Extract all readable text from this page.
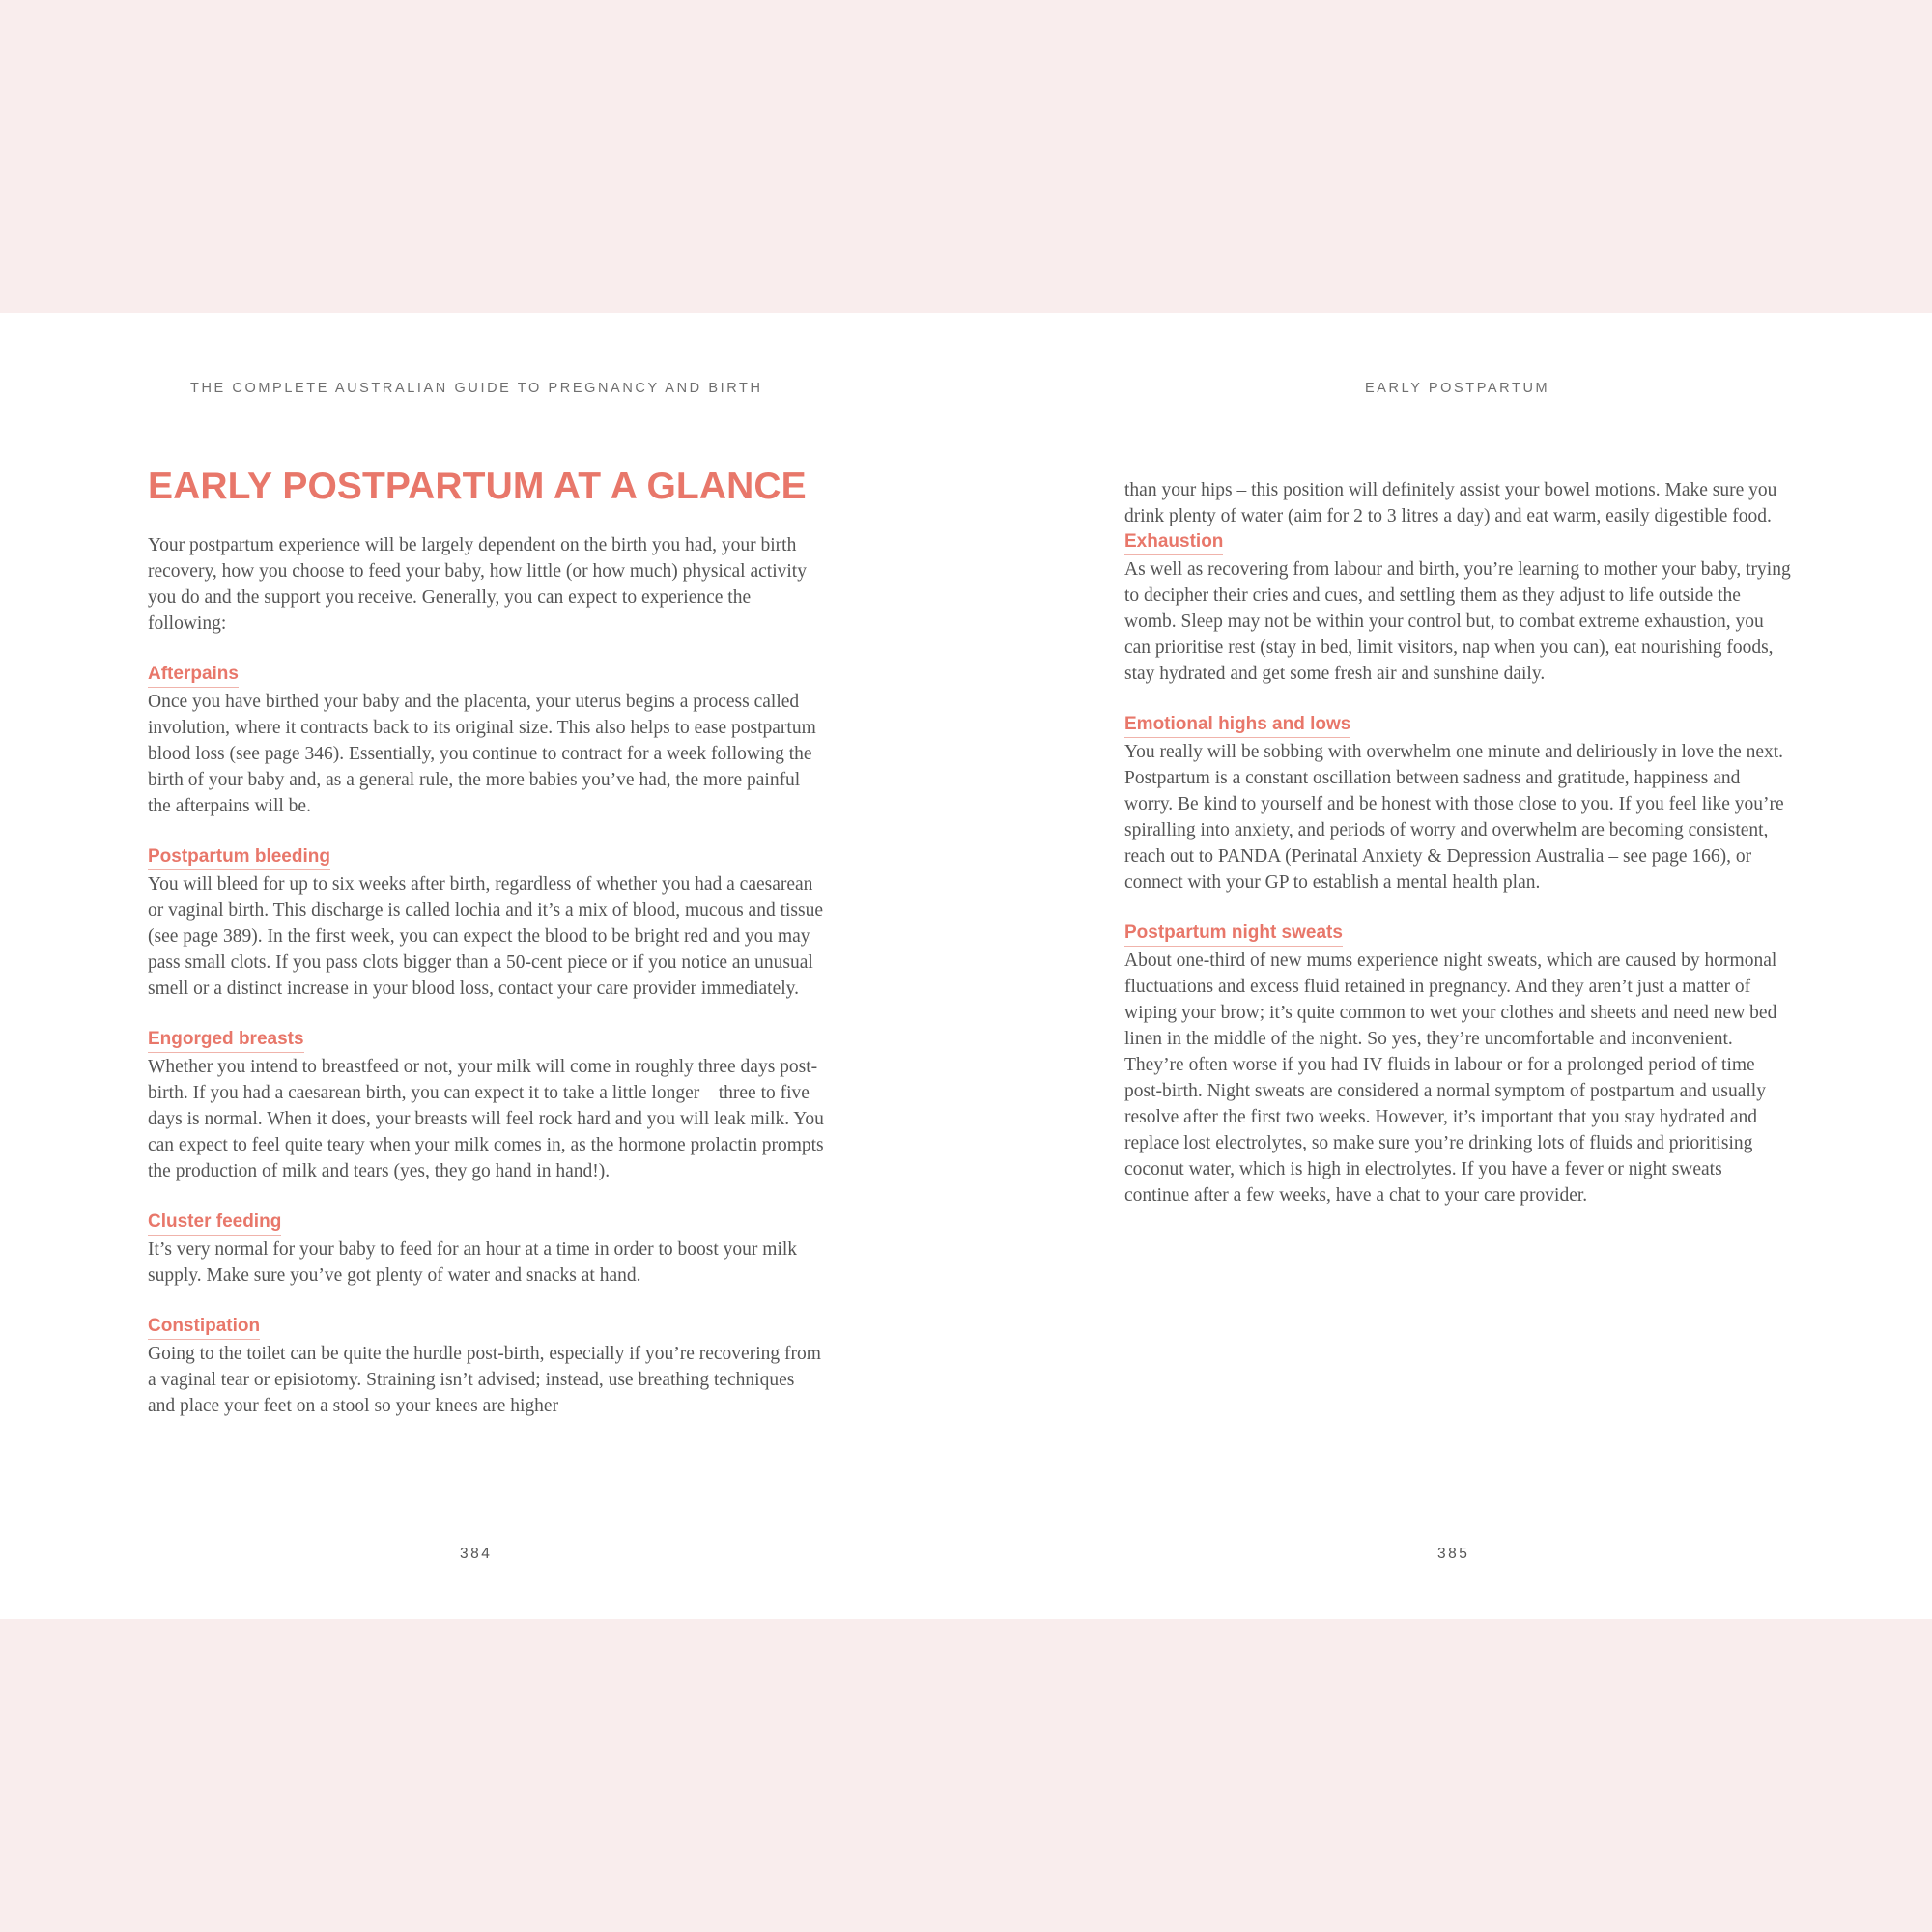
THE COMPLETE AUSTRALIAN GUIDE TO PREGNANCY AND BIRTH	EARLY POSTPARTUM
EARLY POSTPARTUM AT A GLANCE

Your postpartum experience will be largely dependent on the birth you had, your birth recovery, how you choose to feed your baby, how little (or how much) physical activity you do and the support you receive. Generally, you can expect to experience the following:

Afterpains

Once you have birthed your baby and the placenta, your uterus begins a process called involution, where it contracts back to its original size. This also helps to ease postpartum blood loss (see page 346). Essentially, you continue to contract for a week following the birth of your baby and, as a general rule, the more babies you’ve had, the more painful the afterpains will be.

Postpartum bleeding

You will bleed for up to six weeks after birth, regardless of whether you had a caesarean or vaginal birth. This discharge is called lochia and it’s a mix of blood, mucous and tissue (see page 389). In the first week, you can expect the blood to be bright red and you may pass small clots. If you pass clots bigger than a 50-cent piece or if you notice an unusual smell or a distinct increase in your blood loss, contact your care provider immediately.

Engorged breasts

Whether you intend to breastfeed or not, your milk will come in roughly three days post-birth. If you had a caesarean birth, you can expect it to take a little longer – three to five days is normal. When it does, your breasts will feel rock hard and you will leak milk. You can expect to feel quite teary when your milk comes in, as the hormone prolactin prompts the production of milk and tears (yes, they go hand in hand!).

Cluster feeding

It’s very normal for your baby to feed for an hour at a time in order to boost your milk supply. Make sure you’ve got plenty of water and snacks at hand.

Constipation

Going to the toilet can be quite the hurdle post-birth, especially if you’re recovering from a vaginal tear or episiotomy. Straining isn’t advised; instead, use breathing techniques and place your feet on a stool so your knees are higher

than your hips – this position will definitely assist your bowel motions. Make sure you drink plenty of water (aim for 2 to 3 litres a day) and eat warm, easily digestible food.

Exhaustion

As well as recovering from labour and birth, you’re learning to mother your baby, trying to decipher their cries and cues, and settling them as they adjust to life outside the womb. Sleep may not be within your control but, to combat extreme exhaustion, you can prioritise rest (stay in bed, limit visitors, nap when you can), eat nourishing foods, stay hydrated and get some fresh air and sunshine daily.

Emotional highs and lows

You really will be sobbing with overwhelm one minute and deliriously in love the next. Postpartum is a constant oscillation between sadness and gratitude, happiness and worry. Be kind to yourself and be honest with those close to you. If you feel like you’re spiralling into anxiety, and periods of worry and overwhelm are becoming consistent, reach out to PANDA (Perinatal Anxiety & Depression Australia – see page 166), or connect with your GP to establish a mental health plan.

Postpartum night sweats

About one-third of new mums experience night sweats, which are caused by hormonal fluctuations and excess fluid retained in pregnancy. And they aren’t just a matter of wiping your brow; it’s quite common to wet your clothes and sheets and need new bed linen in the middle of the night. So yes, they’re uncomfortable and inconvenient. They’re often worse if you had IV fluids in labour or for a prolonged period of time post-birth. Night sweats are considered a normal symptom of postpartum and usually resolve after the first two weeks. However, it’s important that you stay hydrated and replace lost electrolytes, so make sure you’re drinking lots of fluids and prioritising coconut water, which is high in electrolytes. If you have a fever or night sweats continue after a few weeks, have a chat to your care provider.

384	385
